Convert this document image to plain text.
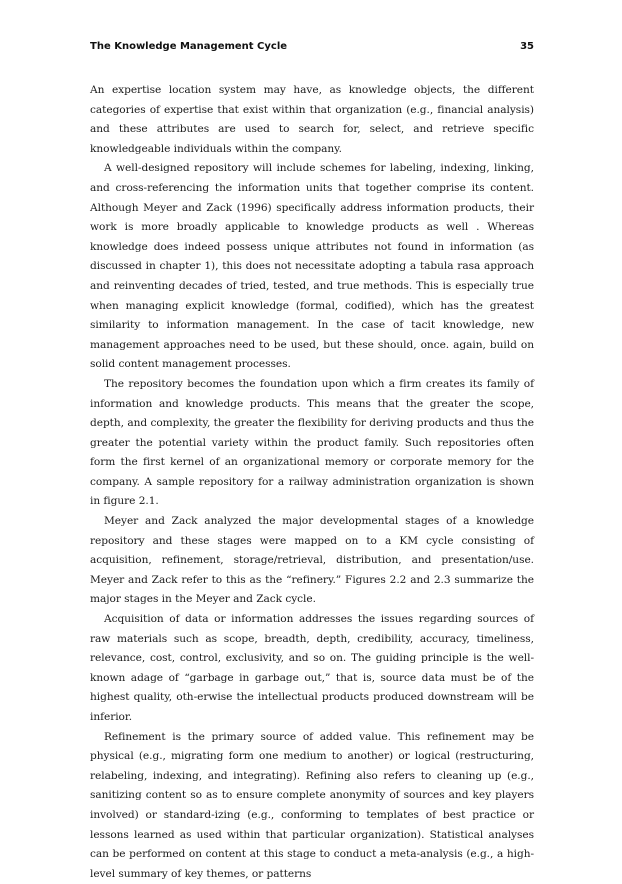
The Knowledge Management Cycle	35

An expertise location system may have, as knowledge objects, the different categories of expertise that exist within that organization (e.g., financial analysis) and these attributes are used to search for, select, and retrieve specific knowledgeable individuals within the company.

A well-designed repository will include schemes for labeling, indexing, linking, and cross-referencing the information units that together comprise its content. Although Meyer and Zack (1996) specifically address information products, their work is more broadly applicable to knowledge products as well . Whereas knowledge does indeed possess unique attributes not found in information (as discussed in chapter 1), this does not necessitate adopting a tabula rasa approach and reinventing decades of tried, tested, and true methods. This is especially true when managing explicit knowledge (formal, codified), which has the greatest similarity to information management. In the case of tacit knowledge, new management approaches need to be used, but these should, once. again, build on solid content management processes.

The repository becomes the foundation upon which a firm creates its family of information and knowledge products. This means that the greater the scope, depth, and complexity, the greater the flexibility for deriving products and thus the greater the potential variety within the product family. Such repositories often form the first kernel of an organizational memory or corporate memory for the company. A sample repository for a railway administration organization is shown in figure 2.1.

Meyer and Zack analyzed the major developmental stages of a knowledge repository and these stages were mapped on to a KM cycle consisting of acquisition, refinement, storage/retrieval, distribution, and presentation/use. Meyer and Zack refer to this as the “refinery.” Figures 2.2 and 2.3 summarize the major stages in the Meyer and Zack cycle.

Acquisition of data or information addresses the issues regarding sources of raw materials such as scope, breadth, depth, credibility, accuracy, timeliness, relevance, cost, control, exclusivity, and so on. The guiding principle is the well-known adage of “garbage in garbage out,” that is, source data must be of the highest quality, oth-erwise the intellectual products produced downstream will be inferior.

Refinement is the primary source of added value. This refinement may be physical (e.g., migrating form one medium to another) or logical (restructuring, relabeling, indexing, and integrating). Refining also refers to cleaning up (e.g., sanitizing content so as to ensure complete anonymity of sources and key players involved) or standard-izing (e.g., conforming to templates of best practice or lessons learned as used within that particular organization). Statistical analyses can be performed on content at this stage to conduct a meta-analysis (e.g., a high-level summary of key themes, or patterns
